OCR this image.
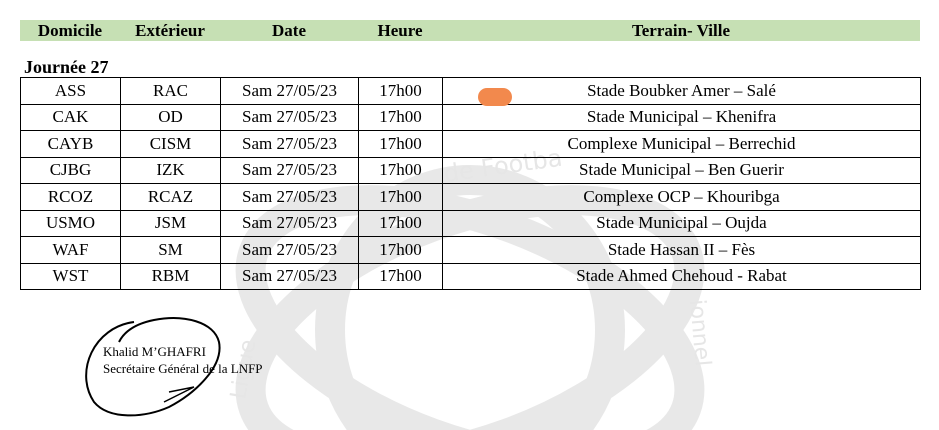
de Footba
Ligue
ionnel
Domicile	Extérieur	Date	Heure	Terrain- Ville
Journée 27
ASS	RAC	Sam 27/05/23	17h00	Stade Boubker Amer – Salé
CAK	OD	Sam 27/05/23	17h00	Stade Municipal – Khenifra
CAYB	CISM	Sam 27/05/23	17h00	Complexe Municipal – Berrechid
CJBG	IZK	Sam 27/05/23	17h00	Stade Municipal – Ben Guerir
RCOZ	RCAZ	Sam 27/05/23	17h00	Complexe OCP – Khouribga
USMO	JSM	Sam 27/05/23	17h00	Stade Municipal – Oujda
WAF	SM	Sam 27/05/23	17h00	Stade Hassan II – Fès
WST	RBM	Sam 27/05/23	17h00	Stade Ahmed Chehoud - Rabat
Khalid M’GHAFRI
Secrétaire Général de la LNFP
